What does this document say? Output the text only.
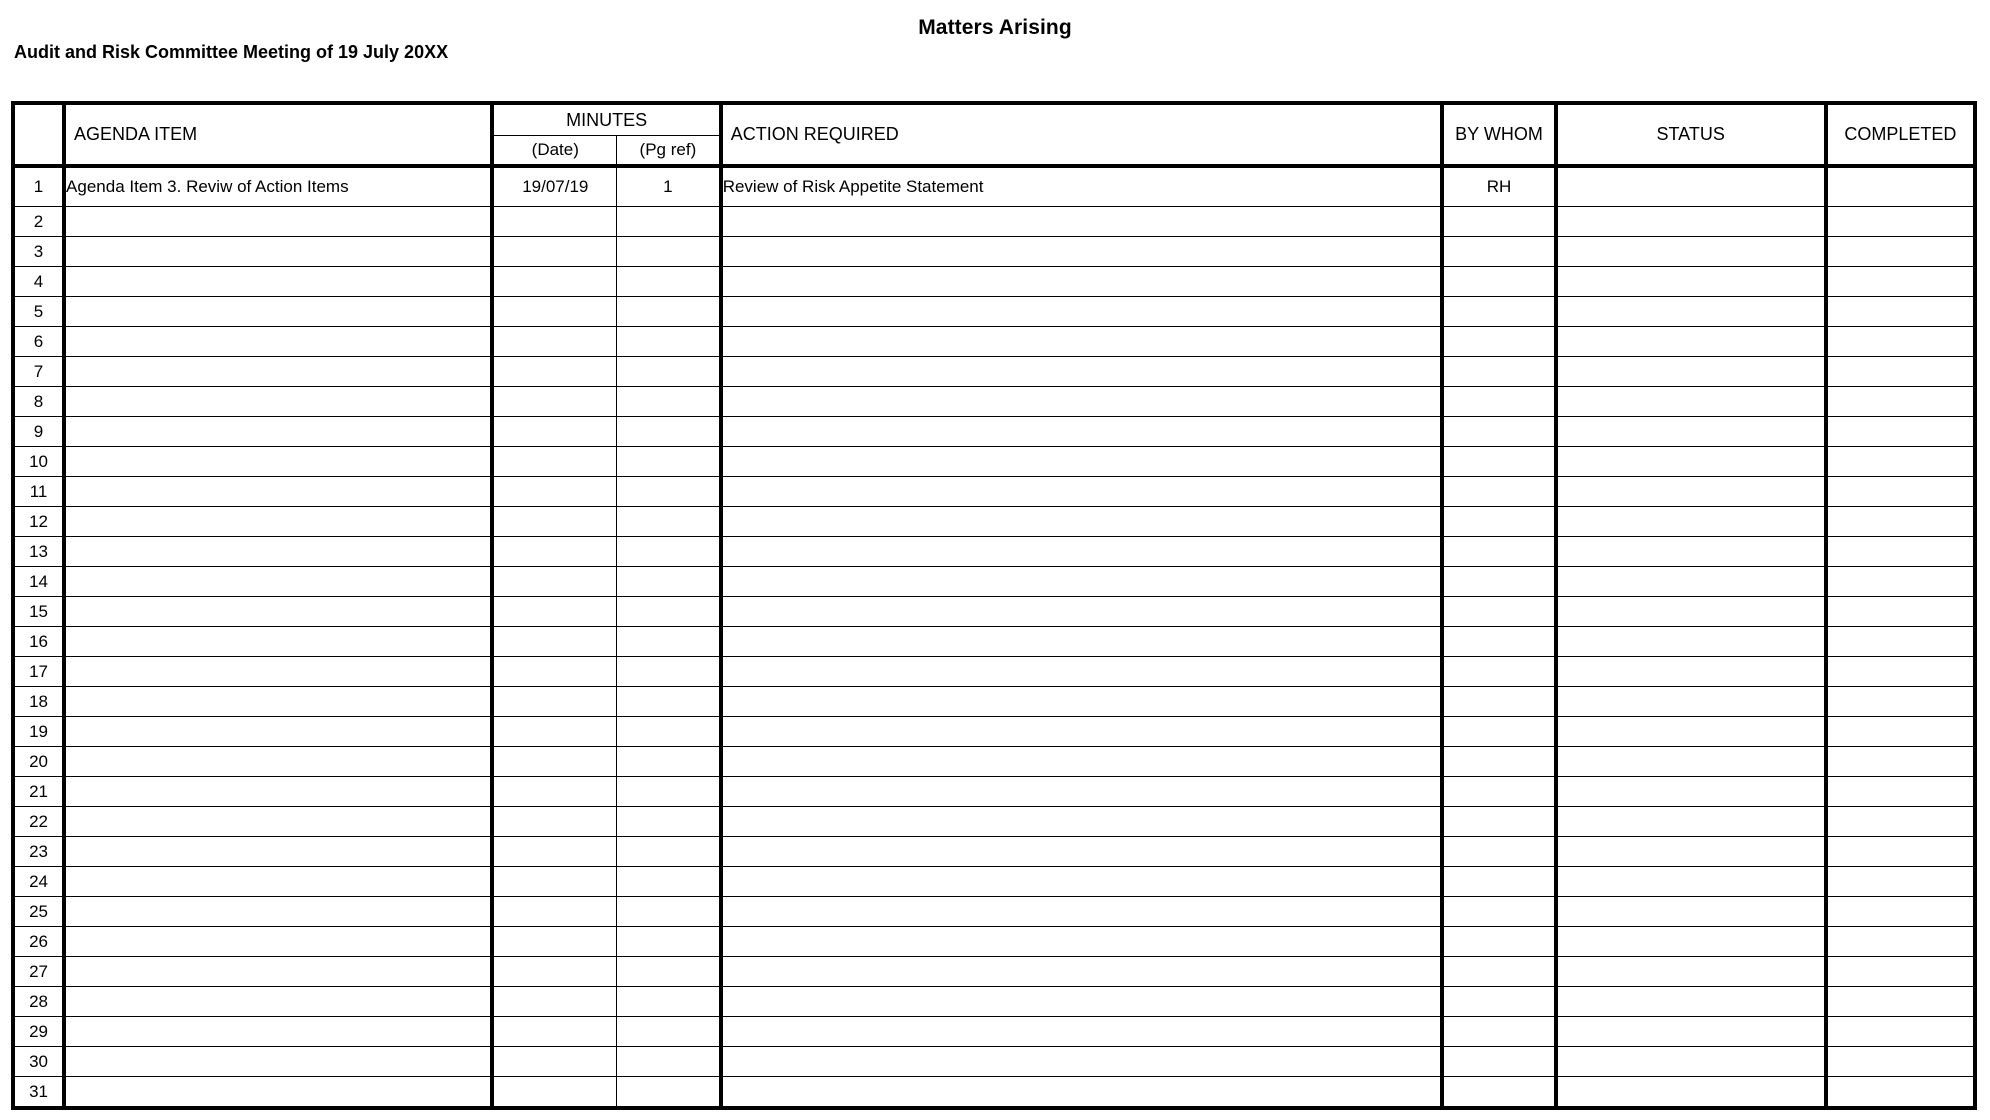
Matters Arising
Audit and Risk Committee Meeting of 19 July 20XX
	AGENDA ITEM	MINUTES		ACTION REQUIRED	BY WHOM	STATUS	COMPLETED
		(Date)	(Pg ref)				
1	Agenda Item 3. Reviw of Action Items	19/07/19	1	Review of Risk Appetite Statement	RH		
2							
3							
4							
5							
6							
7							
8							
9							
10							
11							
12							
13							
14							
15							
16							
17							
18							
19							
20							
21							
22							
23							
24							
25							
26							
27							
28							
29							
30							
31							
